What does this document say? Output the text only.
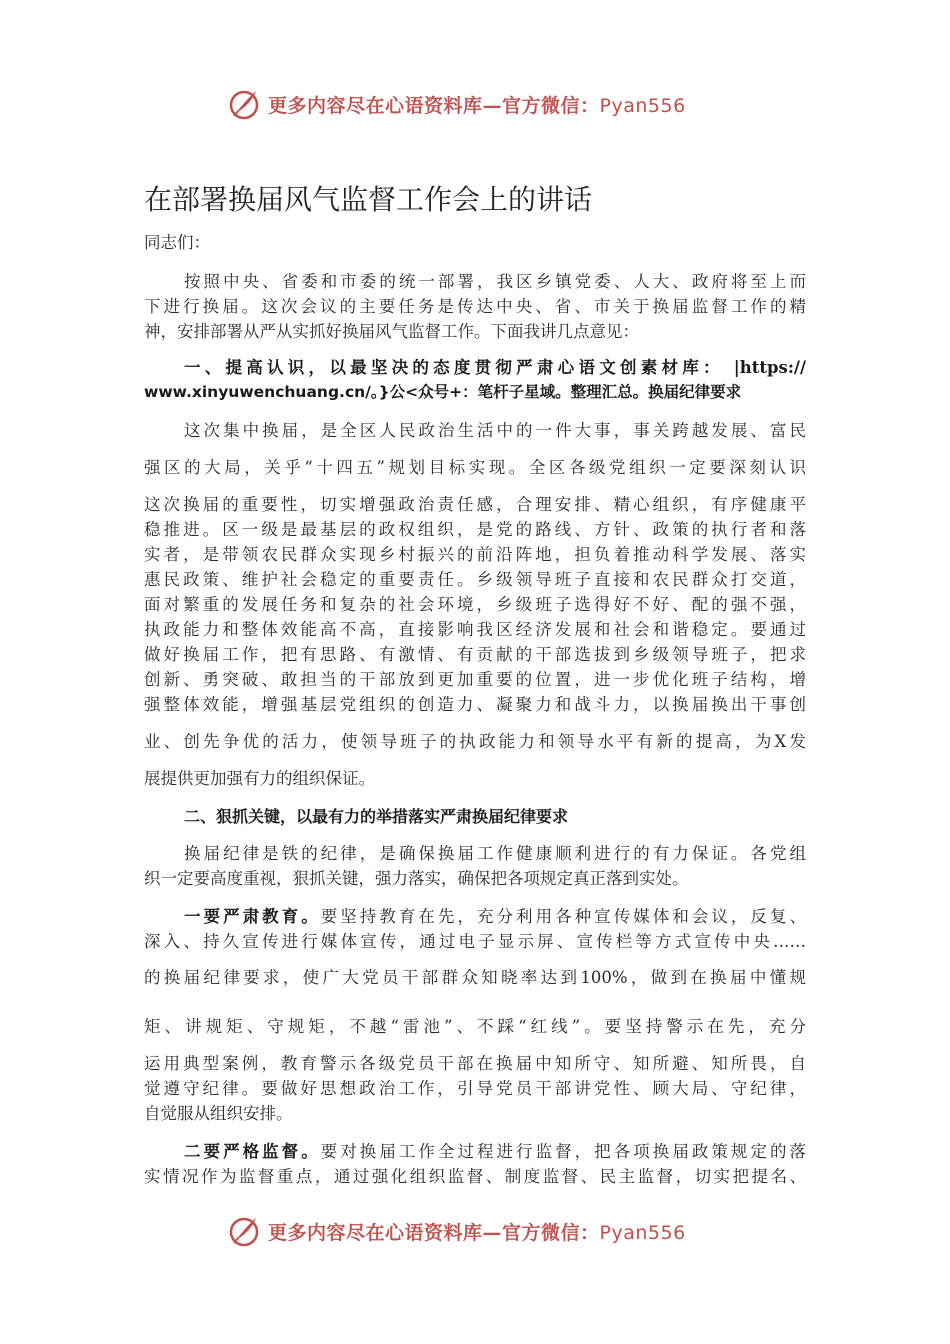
更多内容尽在心语资料库—官方微信：Pyan556
在部署换届风气监督工作会上的讲话
同志们：
按照中央、省委和市委的统一部署，我区乡镇党委、人大、政府将至上而
下进行换届。这次会议的主要任务是传达中央、省、市关于换届监督工作的精
神，安排部署从严从实抓好换届风气监督工作。下面我讲几点意见：
一、提高认识，以最坚决的态度贯彻严肃心语文创素材库： |https://
www.xinyuwenchuang.cn/。}公<众号+：笔杆子星域。整理汇总。换届纪律要求
这次集中换届，是全区人民政治生活中的一件大事，事关跨越发展、富民
强区的大局，关乎“十四五”规划目标实现。全区各级党组织一定要深刻认识
这次换届的重要性，切实增强政治责任感，合理安排、精心组织，有序健康平
稳推进。区一级是最基层的政权组织，是党的路线、方针、政策的执行者和落
实者，是带领农民群众实现乡村振兴的前沿阵地，担负着推动科学发展、落实
惠民政策、维护社会稳定的重要责任。乡级领导班子直接和农民群众打交道，
面对繁重的发展任务和复杂的社会环境，乡级班子选得好不好、配的强不强，
执政能力和整体效能高不高，直接影响我区经济发展和社会和谐稳定。要通过
做好换届工作，把有思路、有激情、有贡献的干部选拔到乡级领导班子，把求
创新、勇突破、敢担当的干部放到更加重要的位置，进一步优化班子结构，增
强整体效能，增强基层党组织的创造力、凝聚力和战斗力，以换届换出干事创
业、创先争优的活力，使领导班子的执政能力和领导水平有新的提高，为X发
展提供更加强有力的组织保证。
二、狠抓关键，以最有力的举措落实严肃换届纪律要求
换届纪律是铁的纪律，是确保换届工作健康顺利进行的有力保证。各党组
织一定要高度重视，狠抓关键，强力落实，确保把各项规定真正落到实处。
一要严肃教育。要坚持教育在先，充分利用各种宣传媒体和会议，反复、
深入、持久宣传进行媒体宣传，通过电子显示屏、宣传栏等方式宣传中央……
的换届纪律要求，使广大党员干部群众知晓率达到100%，做到在换届中懂规
矩、讲规矩、守规矩，不越“雷池”、不踩“红线”。要坚持警示在先，充分
运用典型案例，教育警示各级党员干部在换届中知所守、知所避、知所畏，自
觉遵守纪律。要做好思想政治工作，引导党员干部讲党性、顾大局、守纪律，
自觉服从组织安排。
二要严格监督。要对换届工作全过程进行监督，把各项换届政策规定的落
实情况作为监督重点，通过强化组织监督、制度监督、民主监督，切实把提名、
更多内容尽在心语资料库—官方微信：Pyan556
